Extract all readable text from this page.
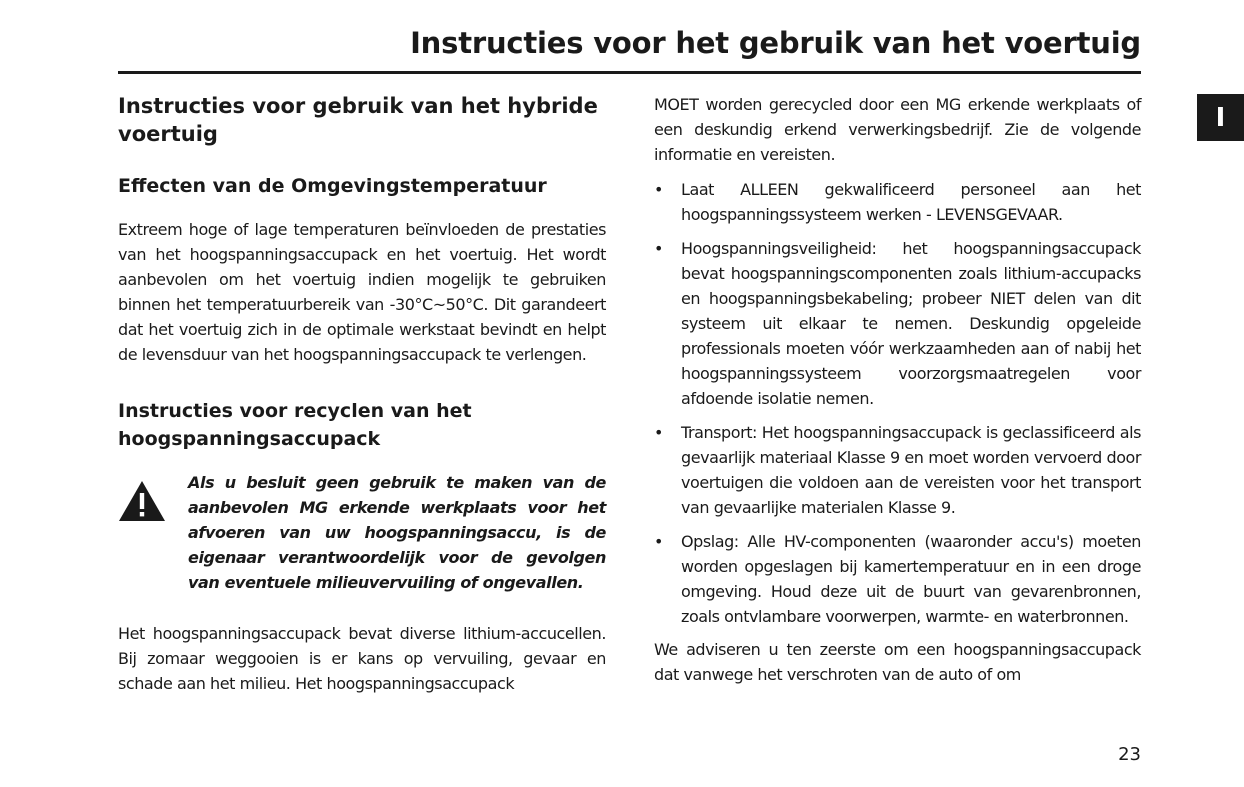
Instructies voor het gebruik van het voertuig
I
Instructies voor gebruik van het hybride voertuig
Effecten van de Omgevingstemperatuur

Extreem hoge of lage temperaturen beïnvloeden de prestaties van het hoogspanningsaccupack en het voertuig. Het wordt aanbevolen om het voertuig indien mogelijk te gebruiken binnen het temperatuurbereik van -30°C~50°C. Dit garandeert dat het voertuig zich in de optimale werkstaat bevindt en helpt de levensduur van het hoogspanningsaccupack te verlengen.

Instructies voor recyclen van het hoogspanningsaccupack

Als u besluit geen gebruik te maken van de aanbevolen MG erkende werkplaats voor het afvoeren van uw hoogspanningsaccu, is de eigenaar verantwoordelijk voor de gevolgen van eventuele milieuvervuiling of ongevallen.

Het hoogspanningsaccupack bevat diverse lithium-accucellen. Bij zomaar weggooien is er kans op vervuiling, gevaar en schade aan het milieu. Het hoogspanningsaccupack

MOET worden gerecycled door een MG erkende werkplaats of een deskundig erkend verwerkingsbedrijf. Zie de volgende informatie en vereisten.

• Laat ALLEEN gekwalificeerd personeel aan het hoogspanningssysteem werken - LEVENSGEVAAR.

• Hoogspanningsveiligheid: het hoogspanningsaccupack bevat hoogspanningscomponenten zoals lithium-accupacks en hoogspanningsbekabeling; probeer NIET delen van dit systeem uit elkaar te nemen. Deskundig opgeleide professionals moeten vóór werkzaamheden aan of nabij het hoogspanningssysteem voorzorgsmaatregelen voor afdoende isolatie nemen.

• Transport: Het hoogspanningsaccupack is geclassificeerd als gevaarlijk materiaal Klasse 9 en moet worden vervoerd door voertuigen die voldoen aan de vereisten voor het transport van gevaarlijke materialen Klasse 9.

• Opslag: Alle HV-componenten (waaronder accu's) moeten worden opgeslagen bij kamertemperatuur en in een droge omgeving. Houd deze uit de buurt van gevarenbronnen, zoals ontvlambare voorwerpen, warmte- en waterbronnen.

We adviseren u ten zeerste om een hoogspanningsaccupack dat vanwege het verschroten van de auto of om

23
